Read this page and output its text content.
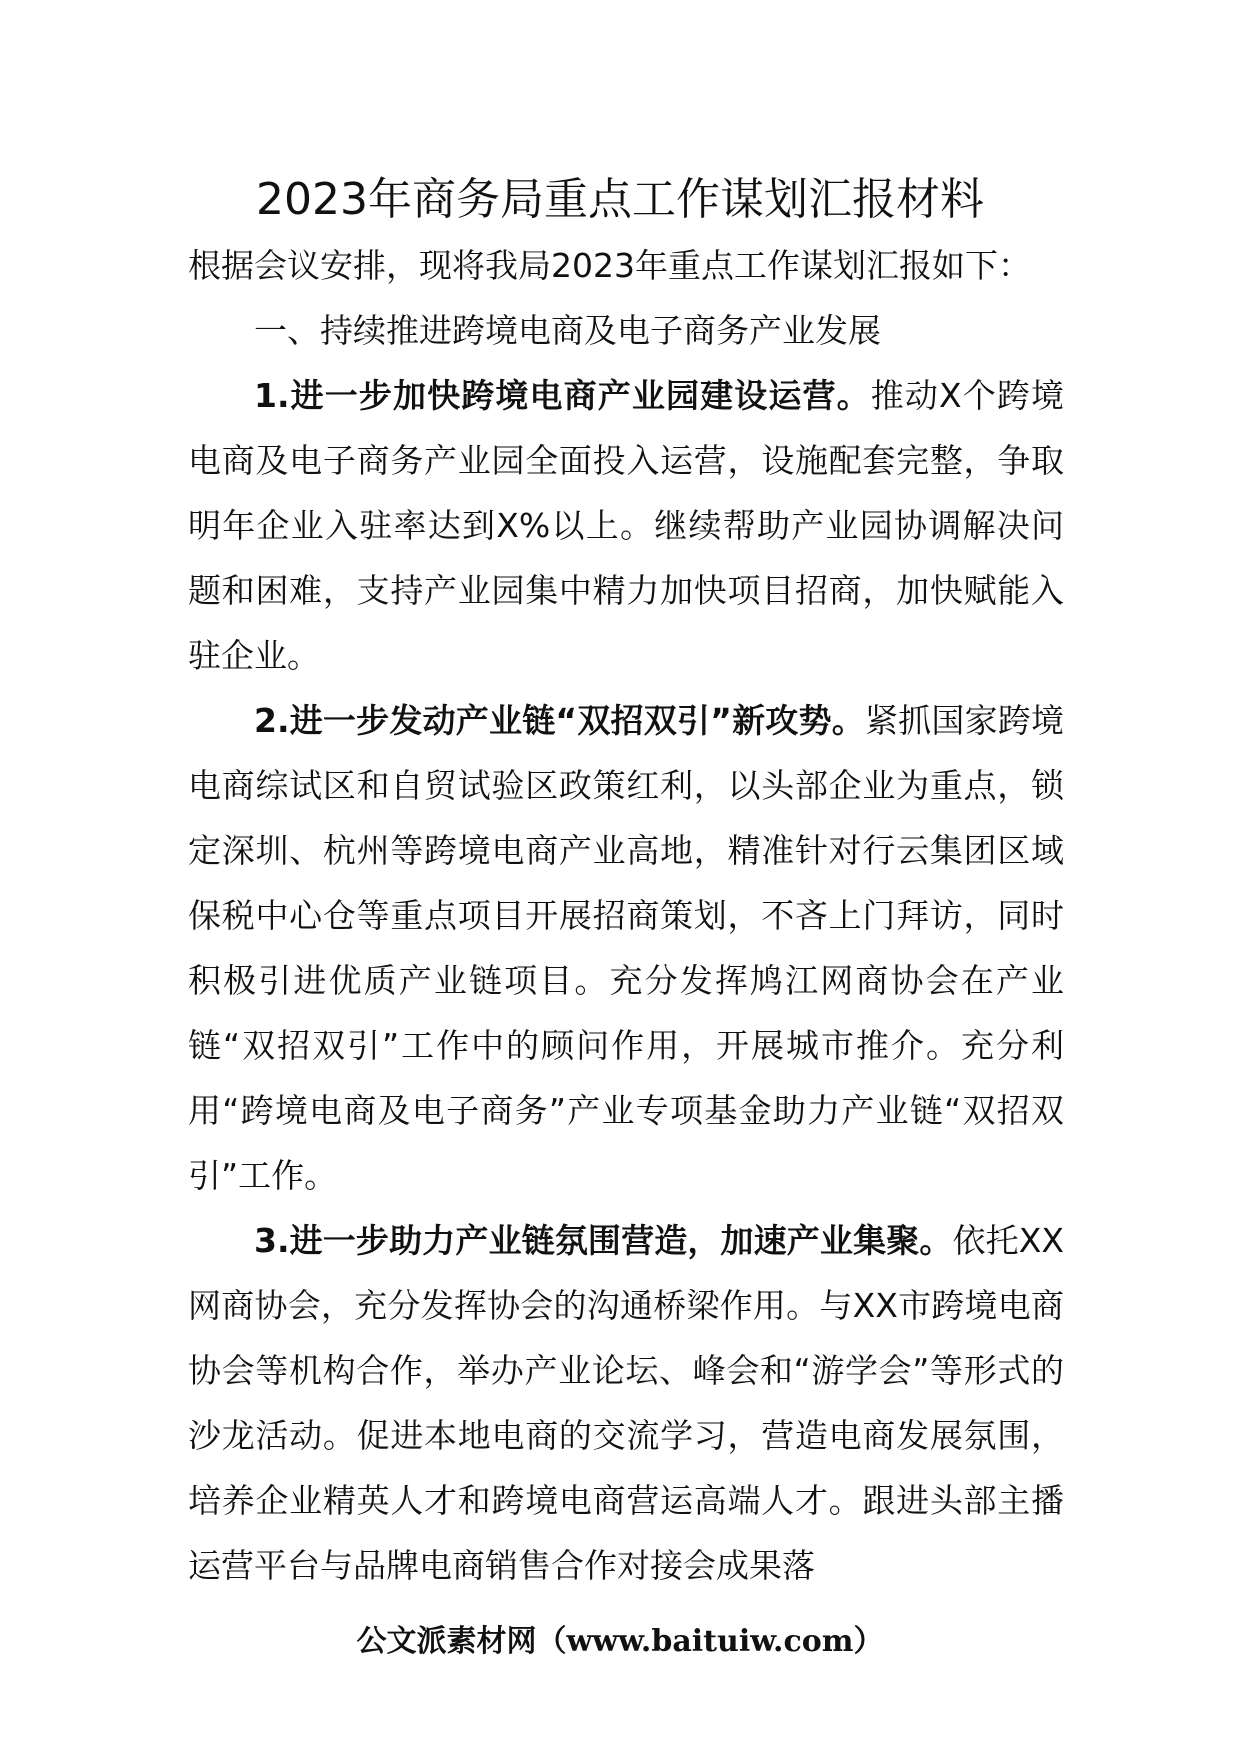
2023年商务局重点工作谋划汇报材料

根据会议安排，现将我局2023年重点工作谋划汇报如下：

一、持续推进跨境电商及电子商务产业发展

1.进一步加快跨境电商产业园建设运营。推动X个跨境电商及电子商务产业园全面投入运营，设施配套完整，争取明年企业入驻率达到X%以上。继续帮助产业园协调解决问题和困难，支持产业园集中精力加快项目招商，加快赋能入驻企业。

2.进一步发动产业链“双招双引”新攻势。紧抓国家跨境电商综试区和自贸试验区政策红利，以头部企业为重点，锁定深圳、杭州等跨境电商产业高地，精准针对行云集团区域保税中心仓等重点项目开展招商策划，不吝上门拜访，同时积极引进优质产业链项目。充分发挥鸠江网商协会在产业链“双招双引”工作中的顾问作用，开展城市推介。充分利用“跨境电商及电子商务”产业专项基金助力产业链“双招双引”工作。

3.进一步助力产业链氛围营造，加速产业集聚。依托XX网商协会，充分发挥协会的沟通桥梁作用。与XX市跨境电商协会等机构合作，举办产业论坛、峰会和“游学会”等形式的沙龙活动。促进本地电商的交流学习，营造电商发展氛围，培养企业精英人才和跨境电商营运高端人才。跟进头部主播运营平台与品牌电商销售合作对接会成果落

公文派素材网（www.baituiw.com）
